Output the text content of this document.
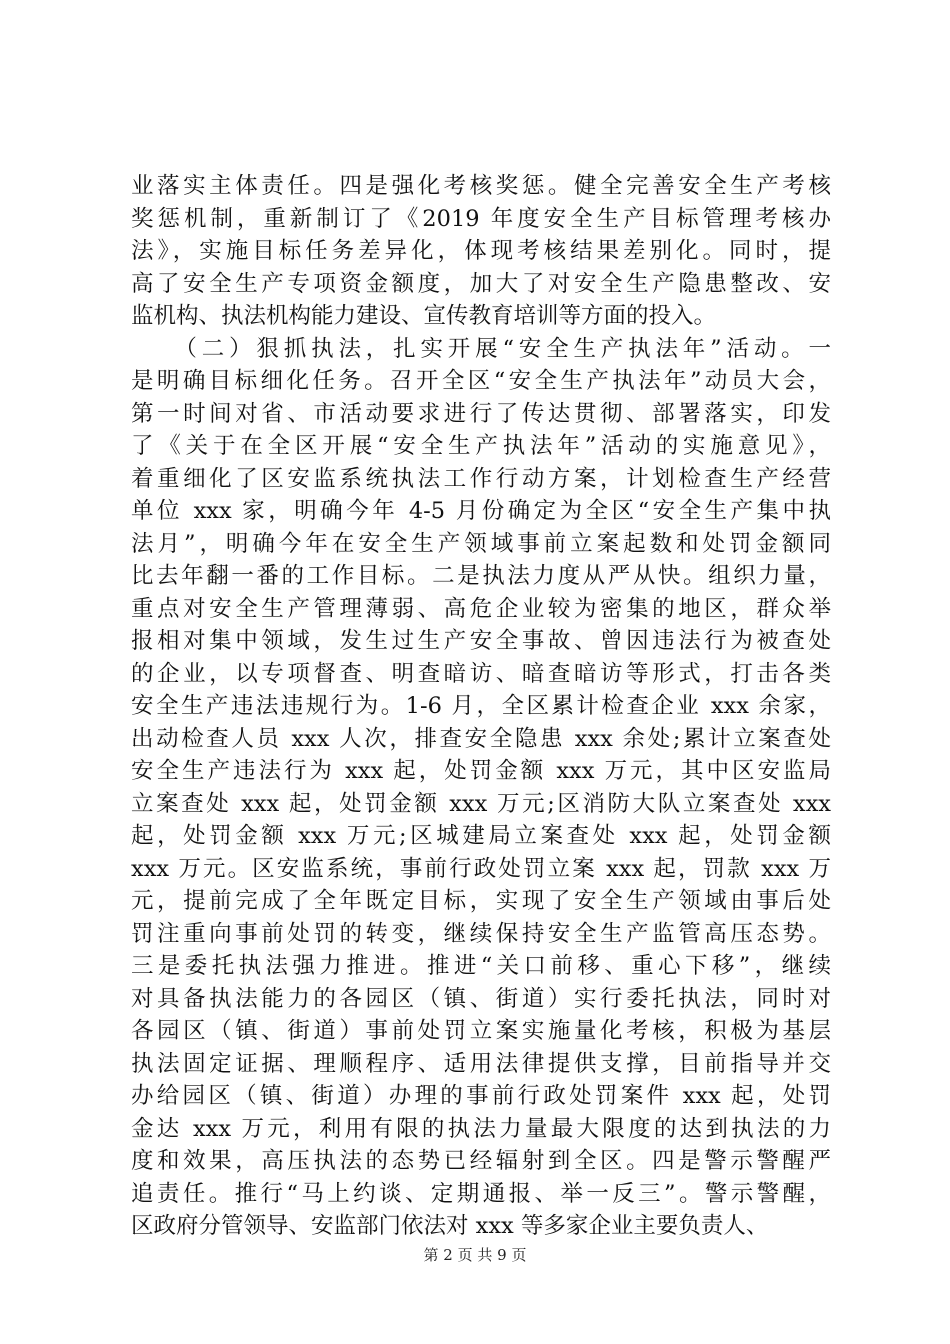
业落实主体责任。四是强化考核奖惩。健全完善安全生产考核
奖惩机制，重新制订了《2019 年度安全生产目标管理考核办
法》，实施目标任务差异化，体现考核结果差别化。同时，提
高了安全生产专项资金额度，加大了对安全生产隐患整改、安
监机构、执法机构能力建设、宣传教育培训等方面的投入。
　　（二）狠抓执法，扎实开展“安全生产执法年”活动。一
是明确目标细化任务。召开全区“安全生产执法年”动员大会，
第一时间对省、市活动要求进行了传达贯彻、部署落实，印发
了《关于在全区开展“安全生产执法年”活动的实施意见》，
着重细化了区安监系统执法工作行动方案，计划检查生产经营
单位 xxx 家，明确今年 4-5 月份确定为全区“安全生产集中执
法月”，明确今年在安全生产领域事前立案起数和处罚金额同
比去年翻一番的工作目标。二是执法力度从严从快。组织力量，
重点对安全生产管理薄弱、高危企业较为密集的地区，群众举
报相对集中领域，发生过生产安全事故、曾因违法行为被查处
的企业，以专项督查、明查暗访、暗查暗访等形式，打击各类
安全生产违法违规行为。1-6 月，全区累计检查企业 xxx 余家，
出动检查人员 xxx 人次，排查安全隐患 xxx 余处;累计立案查处
安全生产违法行为 xxx 起，处罚金额 xxx 万元，其中区安监局
立案查处 xxx 起，处罚金额 xxx 万元;区消防大队立案查处 xxx
起，处罚金额 xxx 万元;区城建局立案查处 xxx 起，处罚金额
xxx 万元。区安监系统，事前行政处罚立案 xxx 起，罚款 xxx 万
元，提前完成了全年既定目标，实现了安全生产领域由事后处
罚注重向事前处罚的转变，继续保持安全生产监管高压态势。
三是委托执法强力推进。推进“关口前移、重心下移”，继续
对具备执法能力的各园区（镇、街道）实行委托执法，同时对
各园区（镇、街道）事前处罚立案实施量化考核，积极为基层
执法固定证据、理顺程序、适用法律提供支撑，目前指导并交
办给园区（镇、街道）办理的事前行政处罚案件 xxx 起，处罚
金达 xxx 万元，利用有限的执法力量最大限度的达到执法的力
度和效果，高压执法的态势已经辐射到全区。四是警示警醒严
追责任。推行“马上约谈、定期通报、举一反三”。警示警醒，
区政府分管领导、安监部门依法对 xxx 等多家企业主要负责人、
第 2 页 共 9 页
